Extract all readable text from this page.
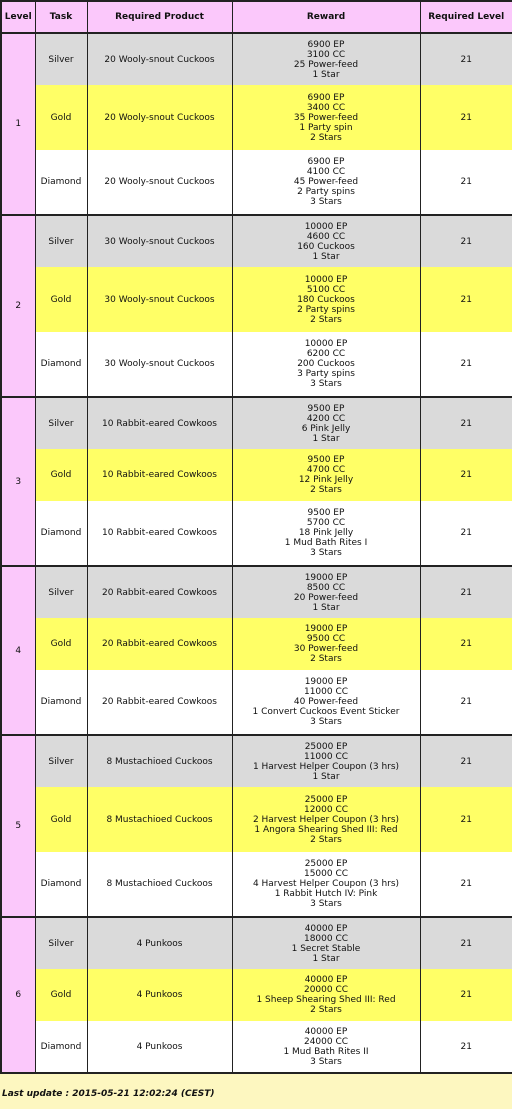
Level	Task	Required Product	Reward	Required Level
1	Silver	20 Wooly-snout Cuckoos	6900 EP
3100 CC
25 Power-feed
1 Star	21
	Gold	20 Wooly-snout Cuckoos	6900 EP
3400 CC
35 Power-feed
1 Party spin
2 Stars	21
	Diamond	20 Wooly-snout Cuckoos	6900 EP
4100 CC
45 Power-feed
2 Party spins
3 Stars	21
2	Silver	30 Wooly-snout Cuckoos	10000 EP
4600 CC
160 Cuckoos
1 Star	21
	Gold	30 Wooly-snout Cuckoos	10000 EP
5100 CC
180 Cuckoos
2 Party spins
2 Stars	21
	Diamond	30 Wooly-snout Cuckoos	10000 EP
6200 CC
200 Cuckoos
3 Party spins
3 Stars	21
3	Silver	10 Rabbit-eared Cowkoos	9500 EP
4200 CC
6 Pink Jelly
1 Star	21
	Gold	10 Rabbit-eared Cowkoos	9500 EP
4700 CC
12 Pink Jelly
2 Stars	21
	Diamond	10 Rabbit-eared Cowkoos	9500 EP
5700 CC
18 Pink Jelly
1 Mud Bath Rites I
3 Stars	21
4	Silver	20 Rabbit-eared Cowkoos	19000 EP
8500 CC
20 Power-feed
1 Star	21
	Gold	20 Rabbit-eared Cowkoos	19000 EP
9500 CC
30 Power-feed
2 Stars	21
	Diamond	20 Rabbit-eared Cowkoos	19000 EP
11000 CC
40 Power-feed
1 Convert Cuckoos Event Sticker
3 Stars	21
5	Silver	8 Mustachioed Cuckoos	25000 EP
11000 CC
1 Harvest Helper Coupon (3 hrs)
1 Star	21
	Gold	8 Mustachioed Cuckoos	25000 EP
12000 CC
2 Harvest Helper Coupon (3 hrs)
1 Angora Shearing Shed III: Red
2 Stars	21
	Diamond	8 Mustachioed Cuckoos	25000 EP
15000 CC
4 Harvest Helper Coupon (3 hrs)
1 Rabbit Hutch IV: Pink
3 Stars	21
6	Silver	4 Punkoos	40000 EP
18000 CC
1 Secret Stable
1 Star	21
	Gold	4 Punkoos	40000 EP
20000 CC
1 Sheep Shearing Shed III: Red
2 Stars	21
	Diamond	4 Punkoos	40000 EP
24000 CC
1 Mud Bath Rites II
3 Stars	21
Last update : 2015-05-21 12:02:24 (CEST)
